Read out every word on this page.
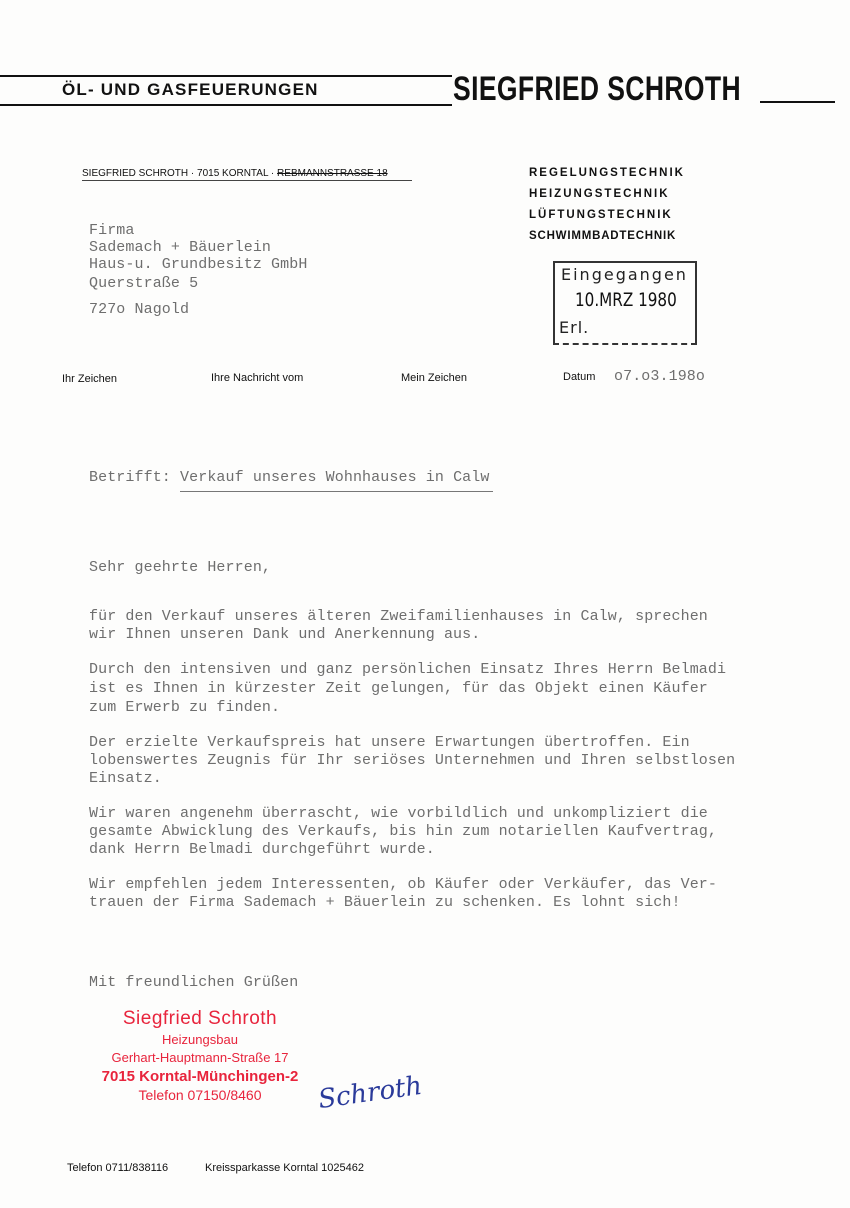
ÖL- UND GASFEUERUNGEN	SIEGFRIED SCHROTH
SIEGFRIED SCHROTH · 7015 KORNTAL · REBMANNSTRASSE 18	REGELUNGSTECHNIK
HEIZUNGSTECHNIK
LÜFTUNGSTECHNIK
SCHWIMMBADTECHNIK
Firma
Sademach + Bäuerlein
Haus-u. Grundbesitz GmbH
Querstraße 5
727o Nagold
Eingegangen
10.MRZ 1980
Erl.
Ihr Zeichen	Ihre Nachricht vom	Mein Zeichen	Datum o7.o3.198o
Betrifft: Verkauf unseres Wohnhauses in Calw
Sehr geehrte Herren,
für den Verkauf unseres älteren Zweifamilienhauses in Calw, sprechen
wir Ihnen unseren Dank und Anerkennung aus.
Durch den intensiven und ganz persönlichen Einsatz Ihres Herrn Belmadi
ist es Ihnen in kürzester Zeit gelungen, für das Objekt einen Käufer
zum Erwerb zu finden.
Der erzielte Verkaufspreis hat unsere Erwartungen übertroffen. Ein
lobenswertes Zeugnis für Ihr seriöses Unternehmen und Ihren selbstlosen
Einsatz.
Wir waren angenehm überrascht, wie vorbildlich und unkompliziert die
gesamte Abwicklung des Verkaufs, bis hin zum notariellen Kaufvertrag,
dank Herrn Belmadi durchgeführt wurde.
Wir empfehlen jedem Interessenten, ob Käufer oder Verkäufer, das Ver-
trauen der Firma Sademach + Bäuerlein zu schenken. Es lohnt sich!
Mit freundlichen Grüßen
Siegfried Schroth
Heizungsbau
Gerhart-Hauptmann-Straße 17
7015 Korntal-Münchingen-2
Telefon 07150/8460	Schroth
Telefon 0711/838116	Kreissparkasse Korntal 1025462
